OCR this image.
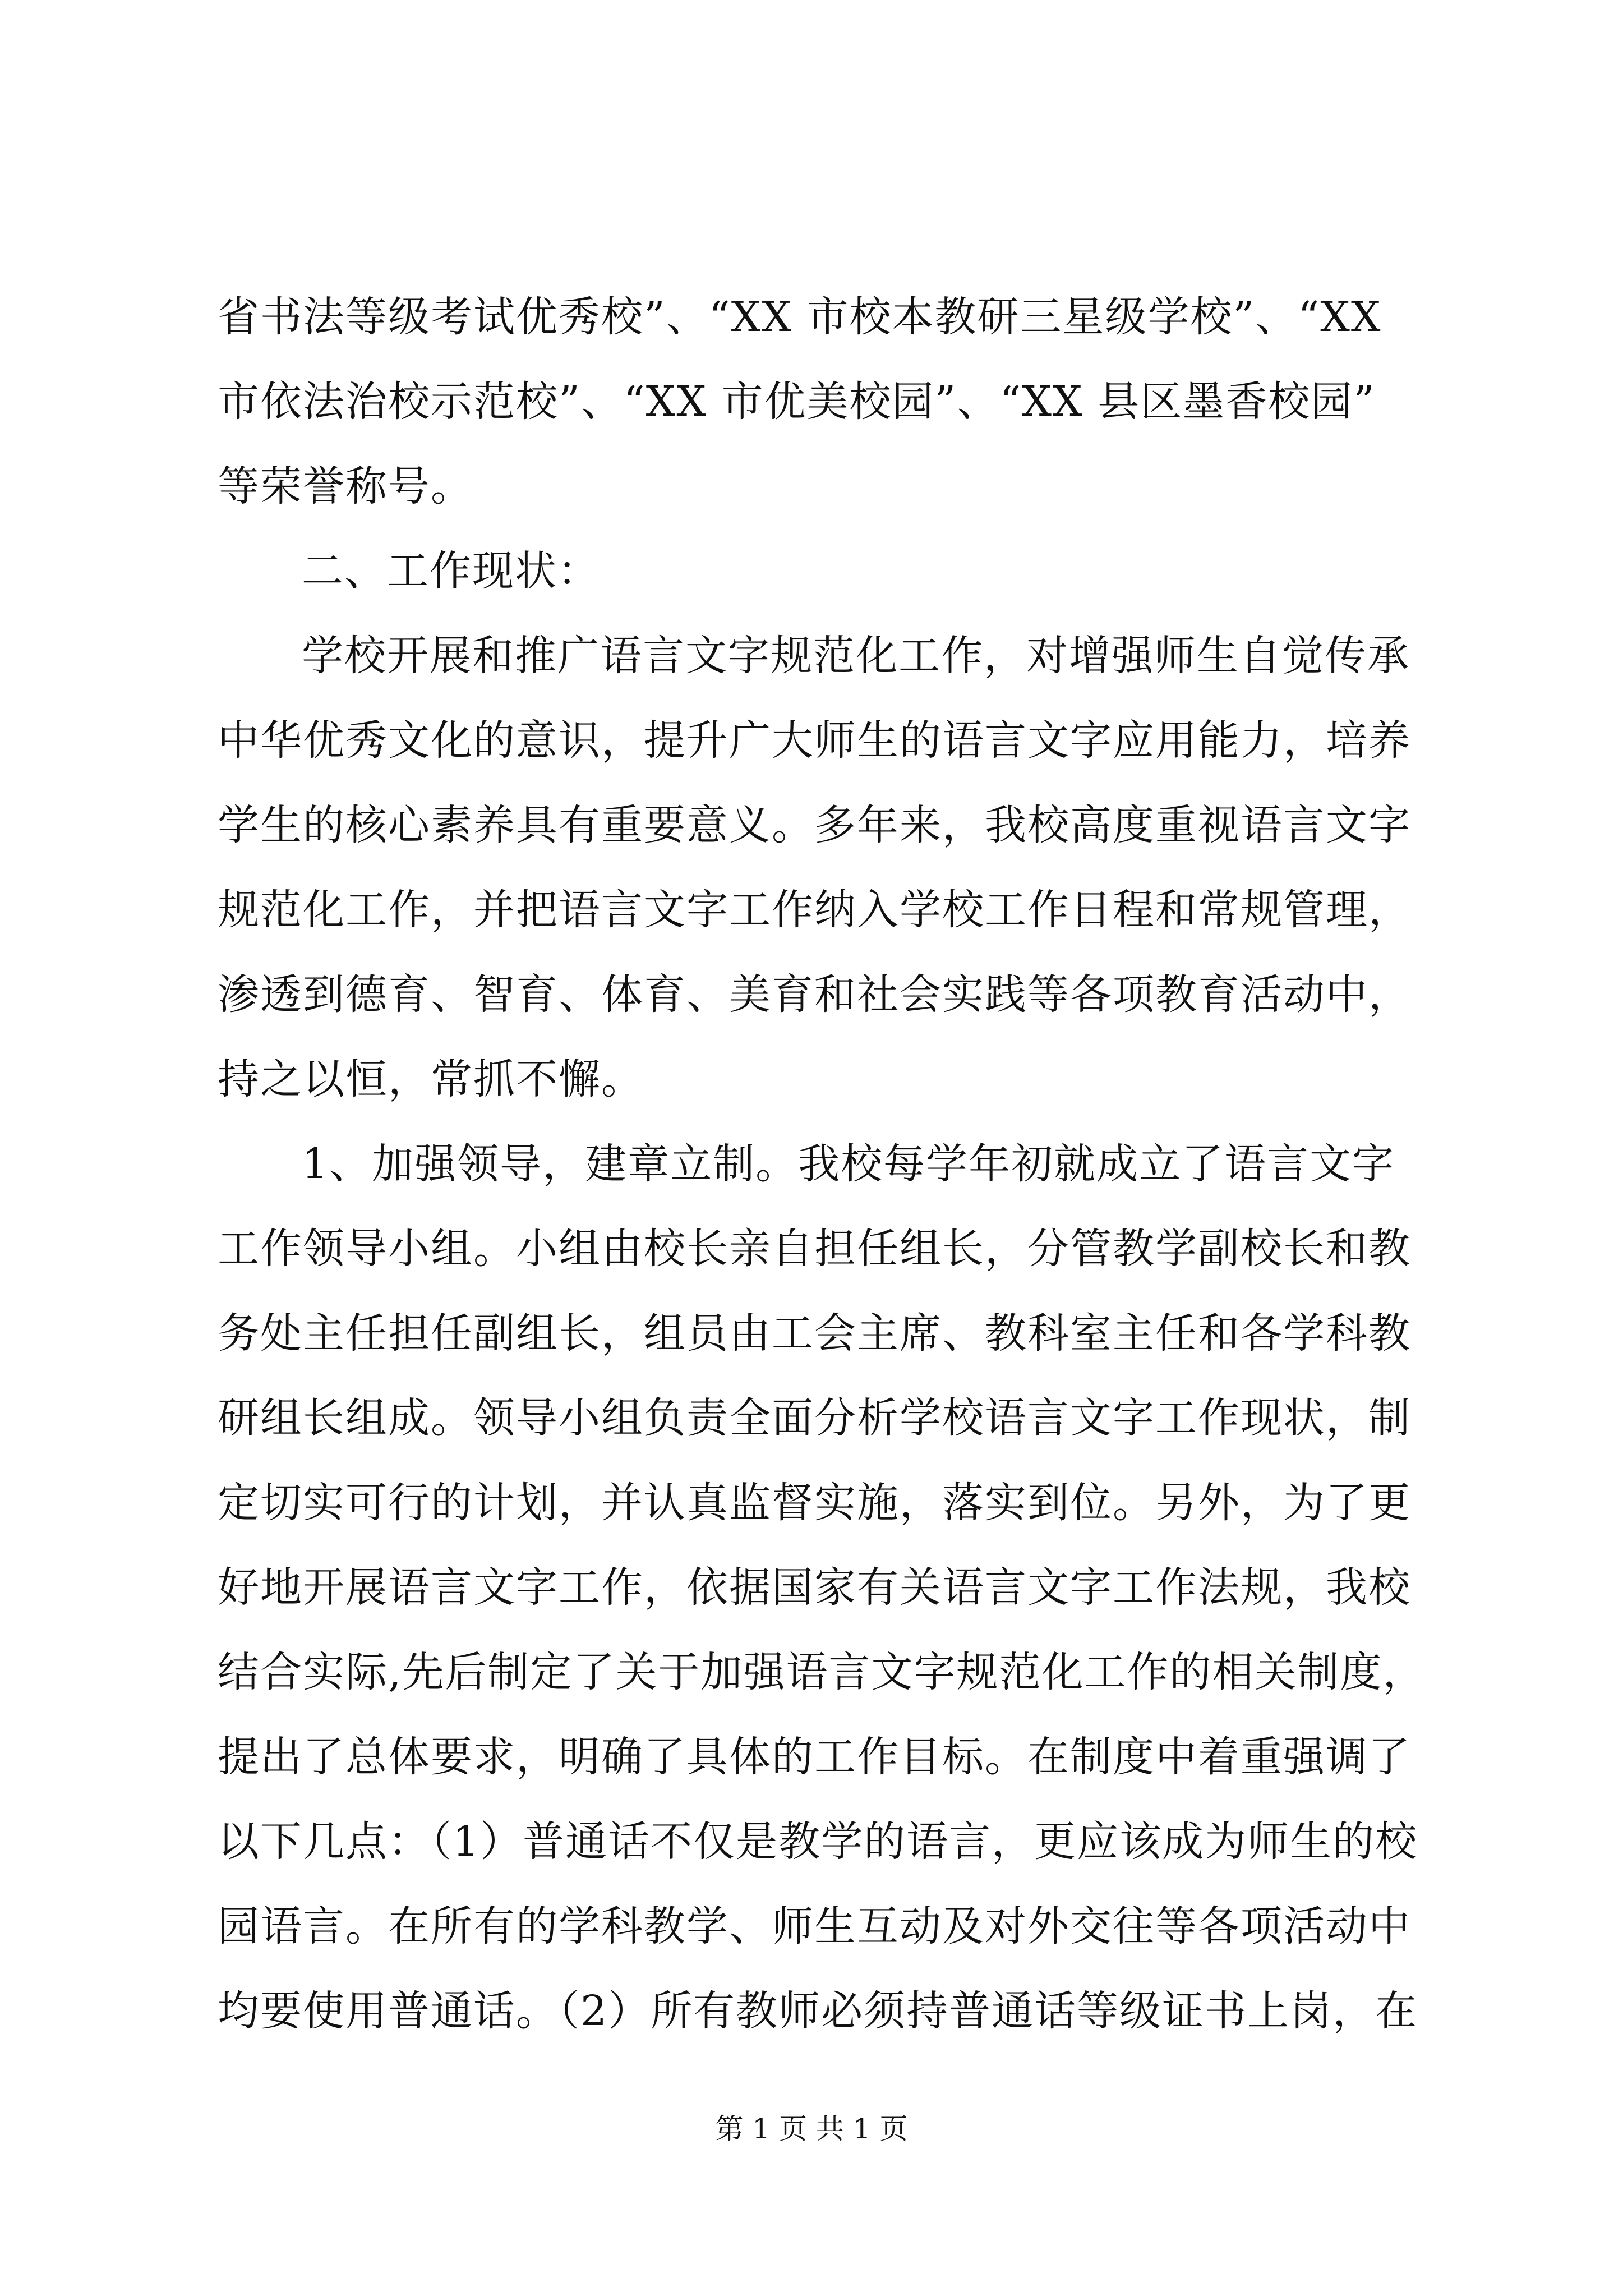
省书法等级考试优秀校”、“XX 市校本教研三星级学校”、“XX
市依法治校示范校”、“XX 市优美校园”、“XX 县区墨香校园”
等荣誉称号。
二、工作现状：
学校开展和推广语言文字规范化工作，对增强师生自觉传承
中华优秀文化的意识，提升广大师生的语言文字应用能力，培养
学生的核心素养具有重要意义。多年来，我校高度重视语言文字
规范化工作，并把语言文字工作纳入学校工作日程和常规管理，
渗透到德育、智育、体育、美育和社会实践等各项教育活动中，
持之以恒，常抓不懈。
1、加强领导，建章立制。我校每学年初就成立了语言文字
工作领导小组。小组由校长亲自担任组长，分管教学副校长和教
务处主任担任副组长，组员由工会主席、教科室主任和各学科教
研组长组成。领导小组负责全面分析学校语言文字工作现状，制
定切实可行的计划，并认真监督实施，落实到位。另外，为了更
好地开展语言文字工作，依据国家有关语言文字工作法规，我校
结合实际,先后制定了关于加强语言文字规范化工作的相关制度，
提出了总体要求，明确了具体的工作目标。在制度中着重强调了
以下几点：（1）普通话不仅是教学的语言，更应该成为师生的校
园语言。在所有的学科教学、师生互动及对外交往等各项活动中
均要使用普通话。（2）所有教师必须持普通话等级证书上岗，在
第 1 页 共 1 页
